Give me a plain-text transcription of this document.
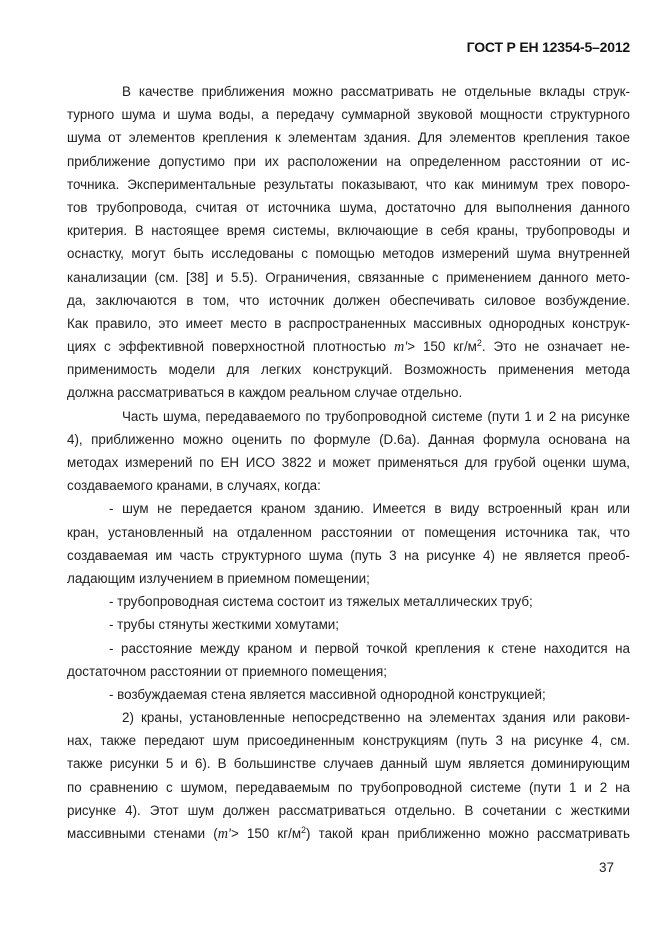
ГОСТ Р ЕН 12354-5–2012
В качестве приближения можно рассматривать не отдельные вклады струк-
турного шума и шума воды, а передачу суммарной звуковой мощности структурного
шума от элементов крепления к элементам здания. Для элементов крепления такое
приближение допустимо при их расположении на определенном расстоянии от ис-
точника. Экспериментальные результаты показывают, что как минимум трех поворо-
тов трубопровода, считая от источника шума, достаточно для выполнения данного
критерия. В настоящее время системы, включающие в себя краны, трубопроводы и
оснастку, могут быть исследованы с помощью методов измерений шума внутренней
канализации (см. [38] и 5.5). Ограничения, связанные с применением данного мето-
да, заключаются в том, что источник должен обеспечивать силовое возбуждение.
Как правило, это имеет место в распространенных массивных однородных конструк-
циях с эффективной поверхностной плотностью m'> 150 $кг/м^2$. Это не означает не-
применимость модели для легких конструкций. Возможность применения метода
должна рассматриваться в каждом реальном случае отдельно.
Часть шума, передаваемого по трубопроводной системе (пути 1 и 2 на рисунке
4), приближенно можно оценить по формуле (D.6a). Данная формула основана на
методах измерений по ЕН ИСО 3822 и может применяться для грубой оценки шума,
создаваемого кранами, в случаях, когда:
- шум не передается краном зданию. Имеется в виду встроенный кран или
кран, установленный на отдаленном расстоянии от помещения источника так, что
создаваемая им часть структурного шума (путь 3 на рисунке 4) не является преоб-
ладающим излучением в приемном помещении;
- трубопроводная система состоит из тяжелых металлических труб;
- трубы стянуты жесткими хомутами;
- расстояние между краном и первой точкой крепления к стене находится на
достаточном расстоянии от приемного помещения;
- возбуждаемая стена является массивной однородной конструкцией;
2) краны, установленные непосредственно на элементах здания или ракови-
нах, также передают шум присоединенным конструкциям (путь 3 на рисунке 4, см.
также рисунки 5 и 6). В большинстве случаев данный шум является доминирующим
по сравнению с шумом, передаваемым по трубопроводной системе (пути 1 и 2 на
рисунке 4). Этот шум должен рассматриваться отдельно. В сочетании с жесткими
массивными стенами (m'> 150 $кг/м^2$) такой кран приближенно можно рассматривать
37
